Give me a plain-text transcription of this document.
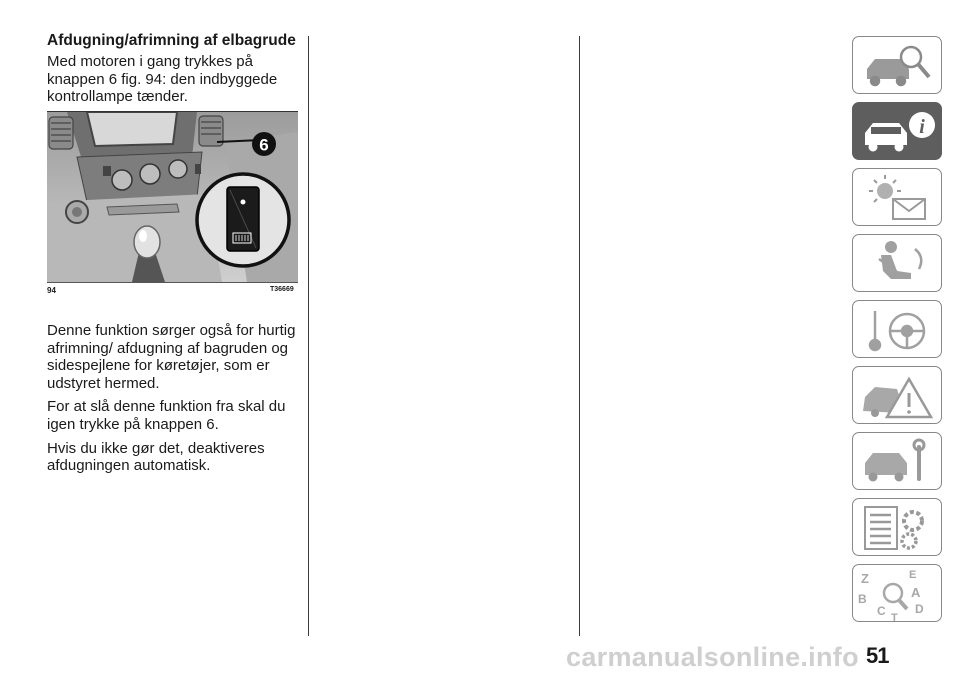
Afdugning/afrimning af elbagrude

Med motoren i gang trykkes på knappen 6 fig. 94: den indbyggede kontrollampe tænder.

6
94	T36669

Denne funktion sørger også for hurtig afrimning/ afdugning af bagruden og sidespejlene for køretøjer, som er udstyret hermed.

For at slå denne funktion fra skal du igen trykke på knappen 6.

Hvis du ikke gør det, deaktiveres afdugningen automatisk.

i
Z	E
B	A
C D
T
carmanualsonline.info 51
